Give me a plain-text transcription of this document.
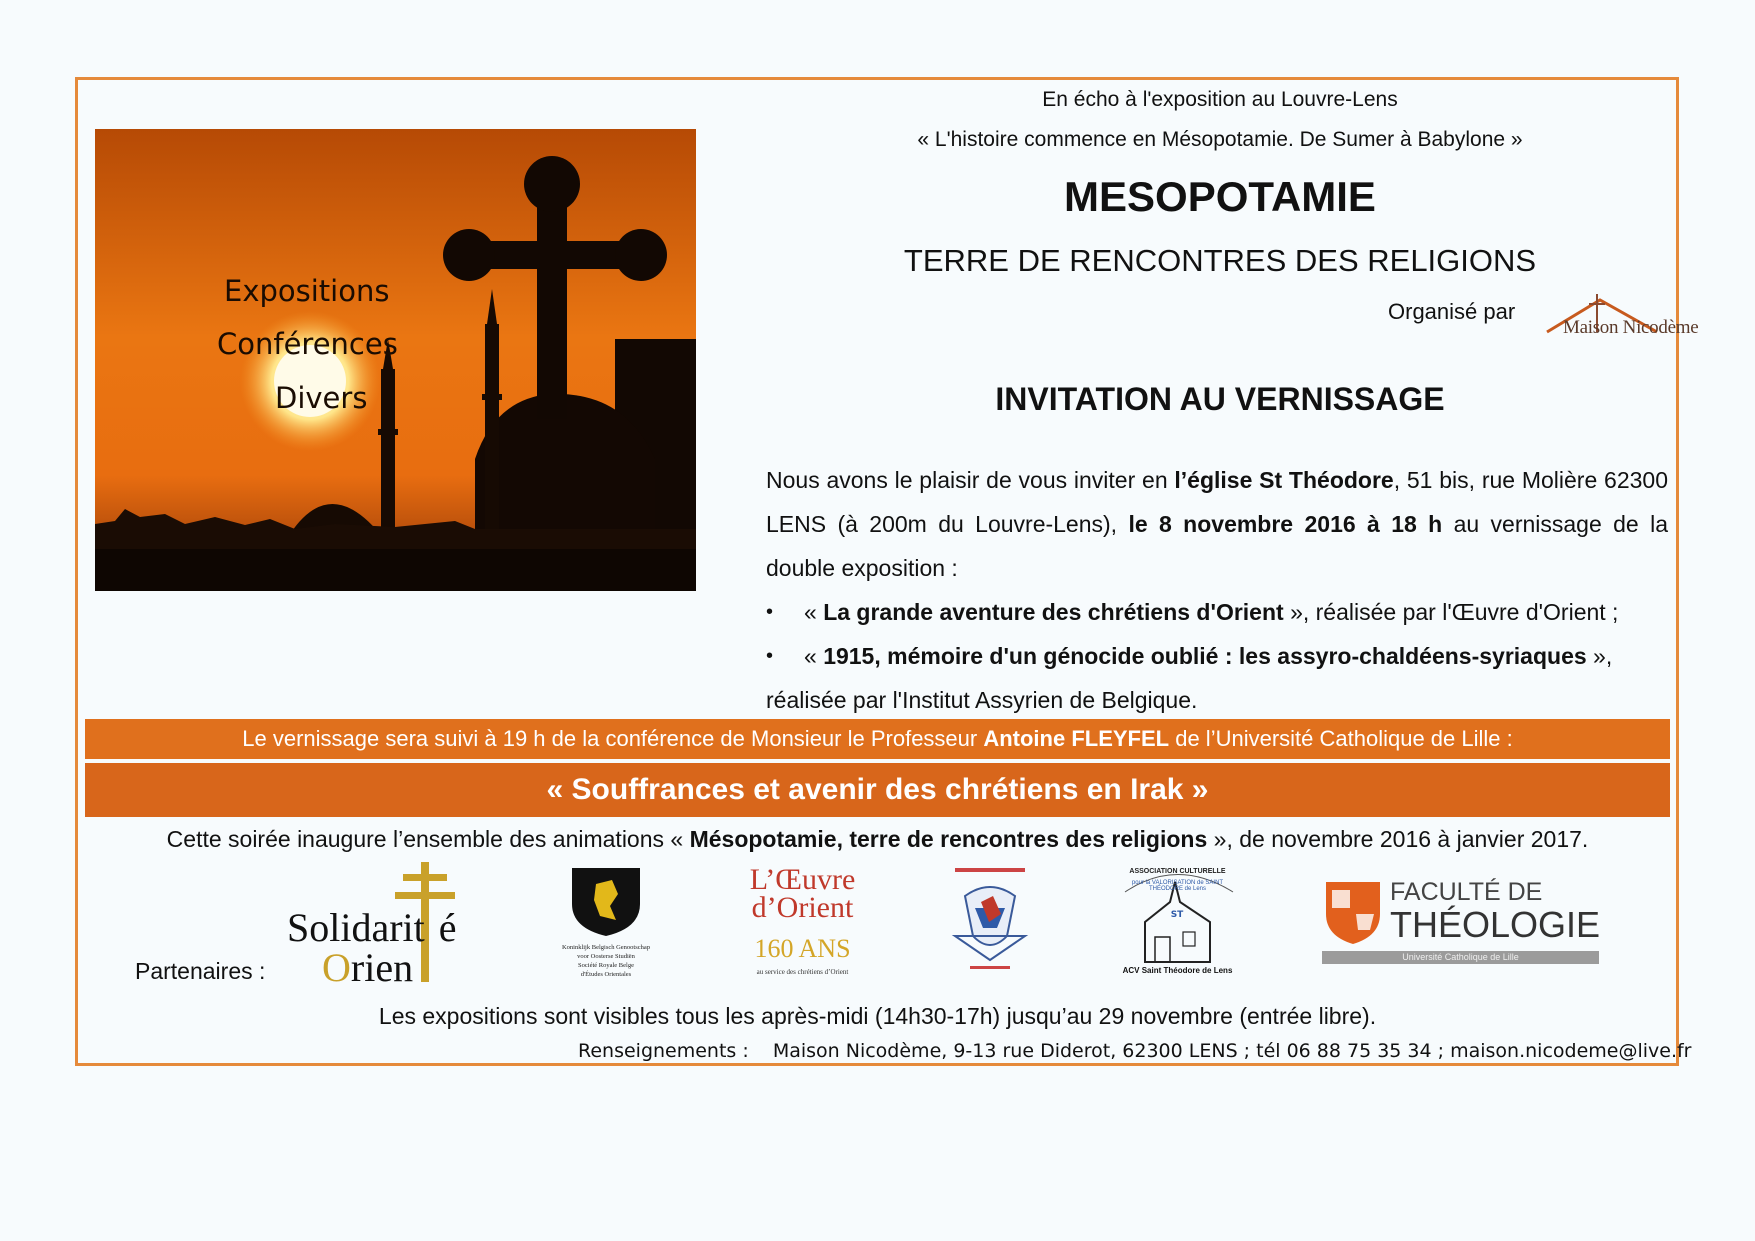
Expositions
Conférences
Divers
En écho à l'exposition au Louvre-Lens
« L'histoire commence en Mésopotamie. De Sumer à Babylone »
MESOPOTAMIE
TERRE DE RENCONTRES DES RELIGIONS
Organisé par
Maison Nicodème
INVITATION AU VERNISSAGE

Nous avons le plaisir de vous inviter en l’église St Théodore, 51 bis, rue Molière 62300 LENS (à 200m du Louvre-Lens), le 8 novembre 2016 à 18 h au vernissage de la double exposition :

• « La grande aventure des chrétiens d'Orient », réalisée par l'Œuvre d'Orient ;
• « 1915, mémoire d'un génocide oublié : les assyro-chaldéens-syriaques »,

réalisée par l'Institut Assyrien de Belgique.

Le vernissage sera suivi à 19 h de la conférence de Monsieur le Professeur Antoine FLEYFEL de l’Université Catholique de Lille :
« Souffrances et avenir des chrétiens en Irak »
Cette soirée inaugure l’ensemble des animations « Mésopotamie, terre de rencontres des religions », de novembre 2016 à janvier 2017.
Partenaires :
Solidarit é
Orien	Koninklijk Belgisch Genootschap
voor Oosterse Studiën
Société Royale Belge
d'Études Orientales
L’Œuvre
d’Orient
160 ANS
au service des chrétiens d’Orient
ST
ASSOCIATION CULTURELLE
pour la VALORISATION de SAINT THÉODORE de Lens
ACV Saint Théodore de Lens
FACULTÉ DE
THÉOLOGIE
Université Catholique de Lille
Les expositions sont visibles tous les après-midi (14h30-17h) jusqu’au 29 novembre (entrée libre).
Renseignements : Maison Nicodème, 9-13 rue Diderot, 62300 LENS ; tél 06 88 75 35 34 ; maison.nicodeme@live.fr
